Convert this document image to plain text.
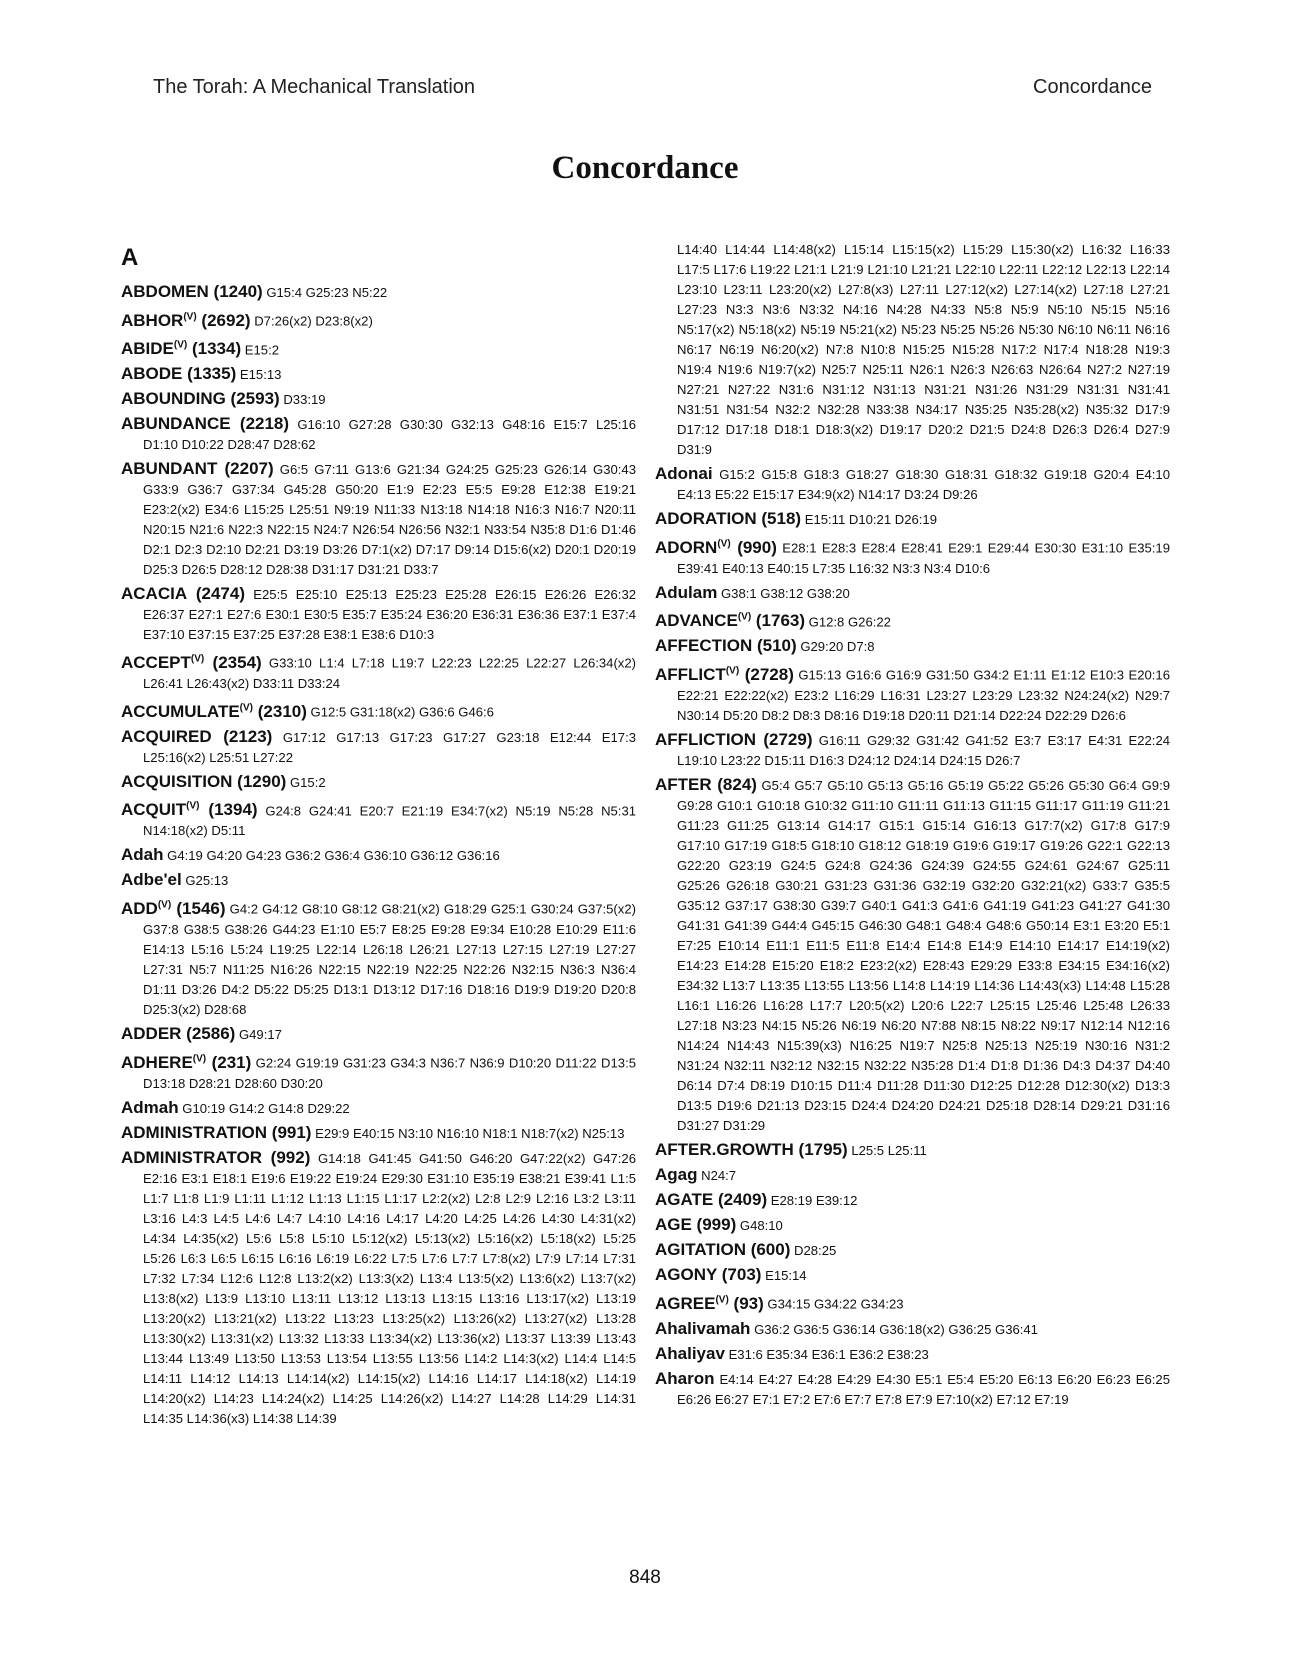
The Torah: A Mechanical Translation	Concordance
Concordance
A
ABDOMEN (1240) G15:4 G25:23 N5:22
$ABHOR^{(V)}$ (2692) D7:26(x2) D23:8(x2)
$ABIDE^{(V)}$ (1334) E15:2
ABODE (1335) E15:13
ABOUNDING (2593) D33:19
ABUNDANCE (2218) G16:10 G27:28 G30:30 G32:13 G48:16 E15:7 L25:16 D1:10 D10:22 D28:47 D28:62
ABUNDANT (2207) G6:5 G7:11 G13:6 G21:34 G24:25 G25:23 G26:14 G30:43 G33:9 G36:7 G37:34 G45:28 G50:20 E1:9 E2:23 E5:5 E9:28 E12:38 E19:21 E23:2(x2) E34:6 L15:25 L25:51 N9:19 N11:33 N13:18 N14:18 N16:3 N16:7 N20:11 N20:15 N21:6 N22:3 N22:15 N24:7 N26:54 N26:56 N32:1 N33:54 N35:8 D1:6 D1:46 D2:1 D2:3 D2:10 D2:21 D3:19 D3:26 D7:1(x2) D7:17 D9:14 D15:6(x2) D20:1 D20:19 D25:3 D26:5 D28:12 D28:38 D31:17 D31:21 D33:7
ACACIA (2474) E25:5 E25:10 E25:13 E25:23 E25:28 E26:15 E26:26 E26:32 E26:37 E27:1 E27:6 E30:1 E30:5 E35:7 E35:24 E36:20 E36:31 E36:36 E37:1 E37:4 E37:10 E37:15 E37:25 E37:28 E38:1 E38:6 D10:3
$ACCEPT^{(V)}$ (2354) G33:10 L1:4 L7:18 L19:7 L22:23 L22:25 L22:27 L26:34(x2) L26:41 L26:43(x2) D33:11 D33:24
$ACCUMULATE^{(V)}$ (2310) G12:5 G31:18(x2) G36:6 G46:6
ACQUIRED (2123) G17:12 G17:13 G17:23 G17:27 G23:18 E12:44 E17:3 L25:16(x2) L25:51 L27:22
ACQUISITION (1290) G15:2
$ACQUIT^{(V)}$ (1394) G24:8 G24:41 E20:7 E21:19 E34:7(x2) N5:19 N5:28 N5:31 N14:18(x2) D5:11
Adah G4:19 G4:20 G4:23 G36:2 G36:4 G36:10 G36:12 G36:16
Adbe'el G25:13
$ADD^{(V)}$ (1546) G4:2 G4:12 G8:10 G8:12 G8:21(x2) G18:29 G25:1 G30:24 G37:5(x2) G37:8 G38:5 G38:26 G44:23 E1:10 E5:7 E8:25 E9:28 E9:34 E10:28 E10:29 E11:6 E14:13 L5:16 L5:24 L19:25 L22:14 L26:18 L26:21 L27:13 L27:15 L27:19 L27:27 L27:31 N5:7 N11:25 N16:26 N22:15 N22:19 N22:25 N22:26 N32:15 N36:3 N36:4 D1:11 D3:26 D4:2 D5:22 D5:25 D13:1 D13:12 D17:16 D18:16 D19:9 D19:20 D20:8 D25:3(x2) D28:68
ADDER (2586) G49:17
$ADHERE^{(V)}$ (231) G2:24 G19:19 G31:23 G34:3 N36:7 N36:9 D10:20 D11:22 D13:5 D13:18 D28:21 D28:60 D30:20
Admah G10:19 G14:2 G14:8 D29:22
ADMINISTRATION (991) E29:9 E40:15 N3:10 N16:10 N18:1 N18:7(x2) N25:13
ADMINISTRATOR (992) G14:18 G41:45 G41:50 G46:20 G47:22(x2) G47:26 E2:16 E3:1 E18:1 E19:6 E19:22 E19:24 E29:30 E31:10 E35:19 E38:21 E39:41 L1:5 L1:7 L1:8 L1:9 L1:11 L1:12 L1:13 L1:15 L1:17 L2:2(x2) L2:8 L2:9 L2:16 L3:2 L3:11 L3:16 L4:3 L4:5 L4:6 L4:7 L4:10 L4:16 L4:17 L4:20 L4:25 L4:26 L4:30 L4:31(x2) L4:34 L4:35(x2) L5:6 L5:8 L5:10 L5:12(x2) L5:13(x2) L5:16(x2) L5:18(x2) L5:25 L5:26 L6:3 L6:5 L6:15 L6:16 L6:19 L6:22 L7:5 L7:6 L7:7 L7:8(x2) L7:9 L7:14 L7:31 L7:32 L7:34 L12:6 L12:8 L13:2(x2) L13:3(x2) L13:4 L13:5(x2) L13:6(x2) L13:7(x2) L13:8(x2) L13:9 L13:10 L13:11 L13:12 L13:13 L13:15 L13:16 L13:17(x2) L13:19 L13:20(x2) L13:21(x2) L13:22 L13:23 L13:25(x2) L13:26(x2) L13:27(x2) L13:28 L13:30(x2) L13:31(x2) L13:32 L13:33 L13:34(x2) L13:36(x2) L13:37 L13:39 L13:43 L13:44 L13:49 L13:50 L13:53 L13:54 L13:55 L13:56 L14:2 L14:3(x2) L14:4 L14:5 L14:11 L14:12 L14:13 L14:14(x2) L14:15(x2) L14:16 L14:17 L14:18(x2) L14:19 L14:20(x2) L14:23 L14:24(x2) L14:25 L14:26(x2) L14:27 L14:28 L14:29 L14:31 L14:35 L14:36(x3) L14:38 L14:39
L14:40 L14:44 L14:48(x2) L15:14 L15:15(x2) L15:29 L15:30(x2) L16:32 L16:33 L17:5 L17:6 L19:22 L21:1 L21:9 L21:10 L21:21 L22:10 L22:11 L22:12 L22:13 L22:14 L23:10 L23:11 L23:20(x2) L27:8(x3) L27:11 L27:12(x2) L27:14(x2) L27:18 L27:21 L27:23 N3:3 N3:6 N3:32 N4:16 N4:28 N4:33 N5:8 N5:9 N5:10 N5:15 N5:16 N5:17(x2) N5:18(x2) N5:19 N5:21(x2) N5:23 N5:25 N5:26 N5:30 N6:10 N6:11 N6:16 N6:17 N6:19 N6:20(x2) N7:8 N10:8 N15:25 N15:28 N17:2 N17:4 N18:28 N19:3 N19:4 N19:6 N19:7(x2) N25:7 N25:11 N26:1 N26:3 N26:63 N26:64 N27:2 N27:19 N27:21 N27:22 N31:6 N31:12 N31:13 N31:21 N31:26 N31:29 N31:31 N31:41 N31:51 N31:54 N32:2 N32:28 N33:38 N34:17 N35:25 N35:28(x2) N35:32 D17:9 D17:12 D17:18 D18:1 D18:3(x2) D19:17 D20:2 D21:5 D24:8 D26:3 D26:4 D27:9 D31:9
Adonai G15:2 G15:8 G18:3 G18:27 G18:30 G18:31 G18:32 G19:18 G20:4 E4:10 E4:13 E5:22 E15:17 E34:9(x2) N14:17 D3:24 D9:26
ADORATION (518) E15:11 D10:21 D26:19
$ADORN^{(V)}$ (990) E28:1 E28:3 E28:4 E28:41 E29:1 E29:44 E30:30 E31:10 E35:19 E39:41 E40:13 E40:15 L7:35 L16:32 N3:3 N3:4 D10:6
Adulam G38:1 G38:12 G38:20
$ADVANCE^{(V)}$ (1763) G12:8 G26:22
AFFECTION (510) G29:20 D7:8
$AFFLICT^{(V)}$ (2728) G15:13 G16:6 G16:9 G31:50 G34:2 E1:11 E1:12 E10:3 E20:16 E22:21 E22:22(x2) E23:2 L16:29 L16:31 L23:27 L23:29 L23:32 N24:24(x2) N29:7 N30:14 D5:20 D8:2 D8:3 D8:16 D19:18 D20:11 D21:14 D22:24 D22:29 D26:6
AFFLICTION (2729) G16:11 G29:32 G31:42 G41:52 E3:7 E3:17 E4:31 E22:24 L19:10 L23:22 D15:11 D16:3 D24:12 D24:14 D24:15 D26:7
AFTER (824) G5:4 G5:7 G5:10 G5:13 G5:16 G5:19 G5:22 G5:26 G5:30 G6:4 G9:9 G9:28 G10:1 G10:18 G10:32 G11:10 G11:11 G11:13 G11:15 G11:17 G11:19 G11:21 G11:23 G11:25 G13:14 G14:17 G15:1 G15:14 G16:13 G17:7(x2) G17:8 G17:9 G17:10 G17:19 G18:5 G18:10 G18:12 G18:19 G19:6 G19:17 G19:26 G22:1 G22:13 G22:20 G23:19 G24:5 G24:8 G24:36 G24:39 G24:55 G24:61 G24:67 G25:11 G25:26 G26:18 G30:21 G31:23 G31:36 G32:19 G32:20 G32:21(x2) G33:7 G35:5 G35:12 G37:17 G38:30 G39:7 G40:1 G41:3 G41:6 G41:19 G41:23 G41:27 G41:30 G41:31 G41:39 G44:4 G45:15 G46:30 G48:1 G48:4 G48:6 G50:14 E3:1 E3:20 E5:1 E7:25 E10:14 E11:1 E11:5 E11:8 E14:4 E14:8 E14:9 E14:10 E14:17 E14:19(x2) E14:23 E14:28 E15:20 E18:2 E23:2(x2) E28:43 E29:29 E33:8 E34:15 E34:16(x2) E34:32 L13:7 L13:35 L13:55 L13:56 L14:8 L14:19 L14:36 L14:43(x3) L14:48 L15:28 L16:1 L16:26 L16:28 L17:7 L20:5(x2) L20:6 L22:7 L25:15 L25:46 L25:48 L26:33 L27:18 N3:23 N4:15 N5:26 N6:19 N6:20 N7:88 N8:15 N8:22 N9:17 N12:14 N12:16 N14:24 N14:43 N15:39(x3) N16:25 N19:7 N25:8 N25:13 N25:19 N30:16 N31:2 N31:24 N32:11 N32:12 N32:15 N32:22 N35:28 D1:4 D1:8 D1:36 D4:3 D4:37 D4:40 D6:14 D7:4 D8:19 D10:15 D11:4 D11:28 D11:30 D12:25 D12:28 D12:30(x2) D13:3 D13:5 D19:6 D21:13 D23:15 D24:4 D24:20 D24:21 D25:18 D28:14 D29:21 D31:16 D31:27 D31:29
AFTER.GROWTH (1795) L25:5 L25:11
Agag N24:7
AGATE (2409) E28:19 E39:12
AGE (999) G48:10
AGITATION (600) D28:25
AGONY (703) E15:14
$AGREE^{(V)}$ (93) G34:15 G34:22 G34:23
Ahalivamah G36:2 G36:5 G36:14 G36:18(x2) G36:25 G36:41
Ahaliyav E31:6 E35:34 E36:1 E36:2 E38:23
Aharon E4:14 E4:27 E4:28 E4:29 E4:30 E5:1 E5:4 E5:20 E6:13 E6:20 E6:23 E6:25 E6:26 E6:27 E7:1 E7:2 E7:6 E7:7 E7:8 E7:9 E7:10(x2) E7:12 E7:19
848
